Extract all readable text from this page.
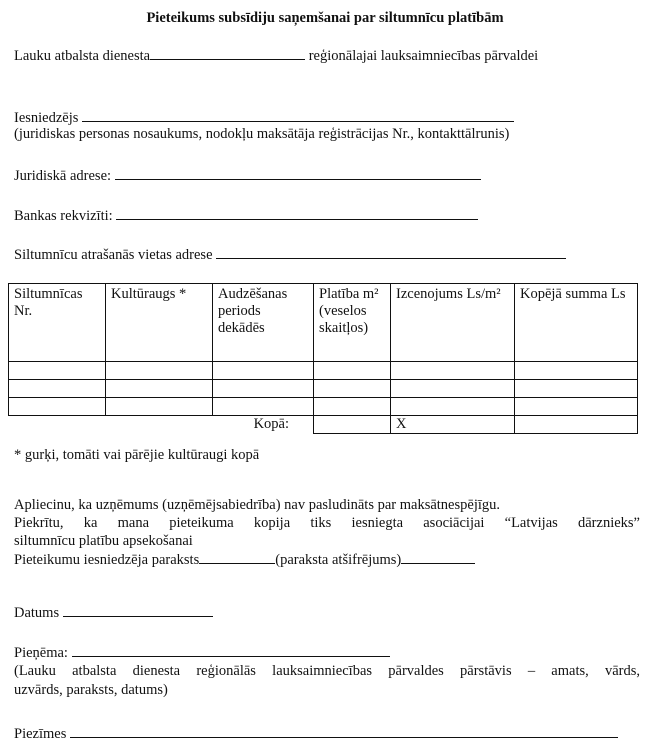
Pieteikums subsīdiju saņemšanai par siltumnīcu platībām
Lauku atbalsta dienesta	reģionālajai lauksaimniecības pārvaldei
Iesniedzējs
(juridiskas personas nosaukums, nodokļu maksātāja reģistrācijas Nr., kontakttālrunis)
Juridiskā adrese:
Bankas rekvizīti:
Siltumnīcu atrašanās vietas adrese
Siltumnīcas Nr.	Kultūraugs *	Audzēšanas periods dekādēs	Platība m² (veselos skaitļos)	Izcenojums Ls/m²	Kopējā summa Ls

Kopā:				X	
* gurķi, tomāti vai pārējie kultūraugi kopā
Apliecinu, ka uzņēmums (uzņēmējsabiedrība) nav pasludināts par maksātnespējīgu.
Piekrītu, ka mana pieteikuma kopija tiks iesniegta asociācijai “Latvijas dārznieks”
siltumnīcu platību apsekošanai
Pieteikumu iesniedzēja paraksts	(paraksta atšifrējums)
Datums
Pieņēma:
(Lauku atbalsta dienesta reģionālās lauksaimniecības pārvaldes pārstāvis – amats, vārds,
uzvārds, paraksts, datums)
Piezīmes
